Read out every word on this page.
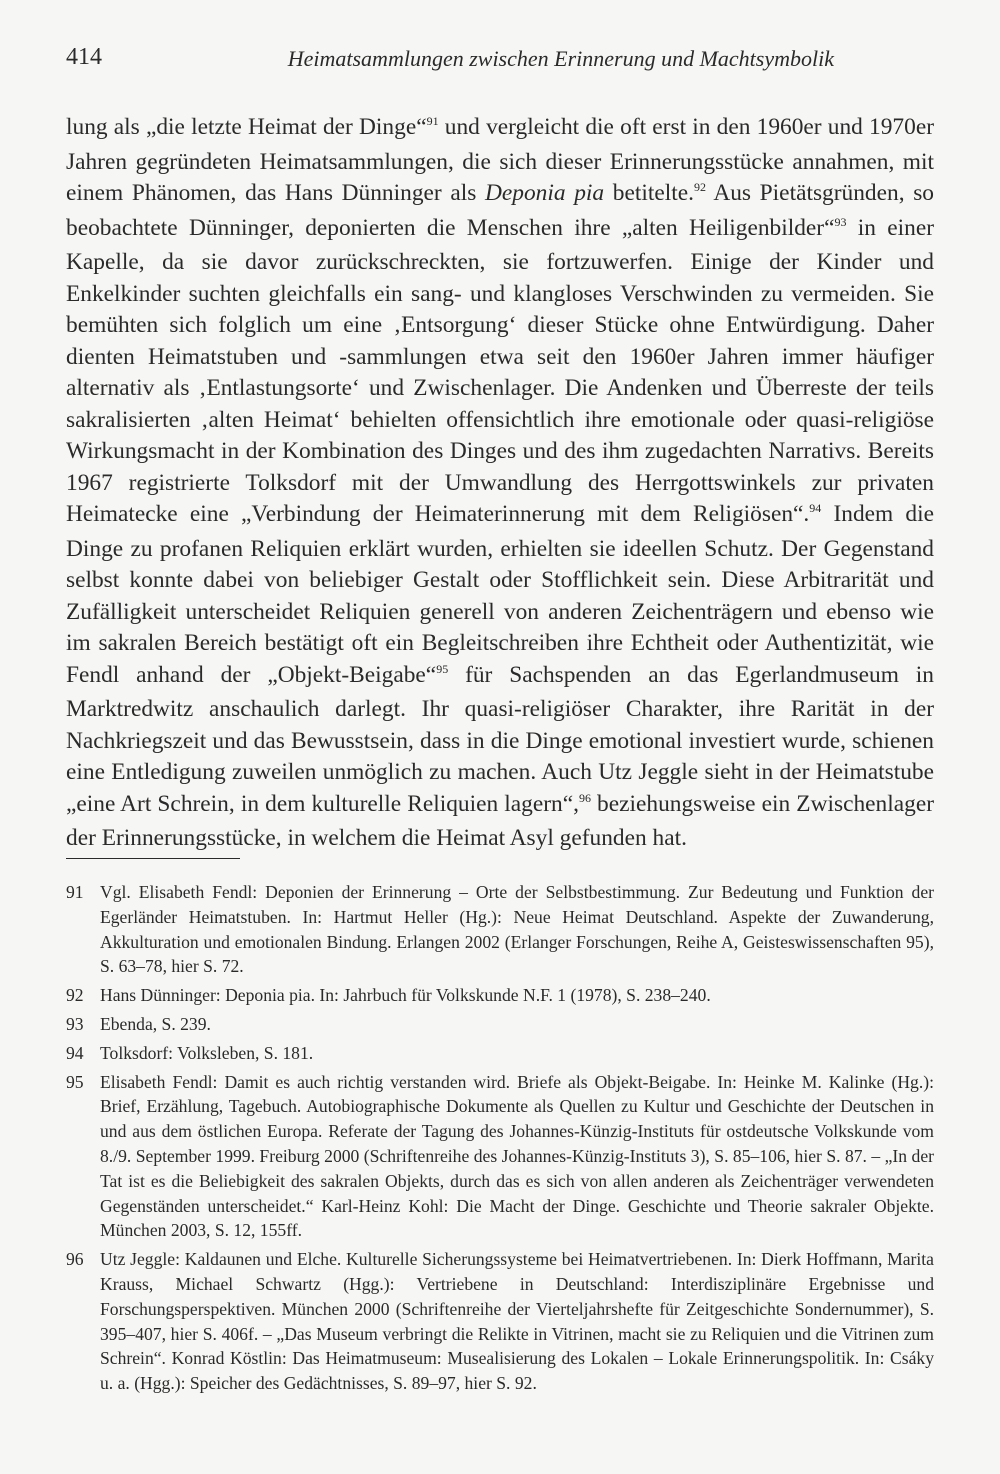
414	Heimatsammlungen zwischen Erinnerung und Machtsymbolik

lung als „die letzte Heimat der Dinge“$^{91}$ und vergleicht die oft erst in den 1960er und 1970er Jahren gegründeten Heimatsammlungen, die sich dieser Erinnerungsstücke annahmen, mit einem Phänomen, das Hans Dünninger als Deponia pia betitelte.$^{92}$ Aus Pietätsgründen, so beobachtete Dünninger, deponierten die Menschen ihre „alten Heiligenbilder“$^{93}$ in einer Kapelle, da sie davor zurückschreckten, sie fortzuwerfen. Einige der Kinder und Enkelkinder suchten gleichfalls ein sang- und klangloses Verschwinden zu vermeiden. Sie bemühten sich folglich um eine ‚Entsorgung‘ dieser Stücke ohne Entwürdigung. Daher dienten Heimatstuben und -sammlungen etwa seit den 1960er Jahren immer häufiger alternativ als ‚Entlastungsorte‘ und Zwischenlager. Die Andenken und Überreste der teils sakralisierten ‚alten Heimat‘ behielten offensichtlich ihre emotionale oder quasi-religiöse Wirkungsmacht in der Kombination des Dinges und des ihm zugedachten Narrativs. Bereits 1967 registrierte Tolksdorf mit der Umwandlung des Herrgottswinkels zur privaten Heimatecke eine „Verbindung der Heimaterinnerung mit dem Religiösen“.$^{94}$ Indem die Dinge zu profanen Reliquien erklärt wurden, erhielten sie ideellen Schutz. Der Gegenstand selbst konnte dabei von beliebiger Gestalt oder Stofflichkeit sein. Diese Arbitrarität und Zufälligkeit unterscheidet Reliquien generell von anderen Zeichenträgern und ebenso wie im sakralen Bereich bestätigt oft ein Begleitschreiben ihre Echtheit oder Authentizität, wie Fendl anhand der „Objekt-Beigabe“$^{95}$ für Sachspenden an das Egerlandmuseum in Marktredwitz anschaulich darlegt. Ihr quasi-religiöser Charakter, ihre Rarität in der Nachkriegszeit und das Bewusstsein, dass in die Dinge emotional investiert wurde, schienen eine Entledigung zuweilen unmöglich zu machen. Auch Utz Jeggle sieht in der Heimatstube „eine Art Schrein, in dem kulturelle Reliquien lagern“,$^{96}$ beziehungsweise ein Zwischenlager der Erinnerungsstücke, in welchem die Heimat Asyl gefunden hat.

91 Vgl. Elisabeth Fendl: Deponien der Erinnerung – Orte der Selbstbestimmung. Zur Bedeutung und Funktion der Egerländer Heimatstuben. In: Hartmut Heller (Hg.): Neue Heimat Deutschland. Aspekte der Zuwanderung, Akkulturation und emotionalen Bindung. Erlangen 2002 (Erlanger Forschungen, Reihe A, Geisteswissenschaften 95), S. 63–78, hier S. 72.
92 Hans Dünninger: Deponia pia. In: Jahrbuch für Volkskunde N.F. 1 (1978), S. 238–240.
93 Ebenda, S. 239.
94 Tolksdorf: Volksleben, S. 181.
95 Elisabeth Fendl: Damit es auch richtig verstanden wird. Briefe als Objekt-Beigabe. In: Heinke M. Kalinke (Hg.): Brief, Erzählung, Tagebuch. Autobiographische Dokumente als Quellen zu Kultur und Geschichte der Deutschen in und aus dem östlichen Europa. Referate der Tagung des Johannes-Künzig-Instituts für ostdeutsche Volkskunde vom 8./9. September 1999. Freiburg 2000 (Schriftenreihe des Johannes-Künzig-Instituts 3), S. 85–106, hier S. 87. – „In der Tat ist es die Beliebigkeit des sakralen Objekts, durch das es sich von allen anderen als Zeichenträger verwendeten Gegenständen unterscheidet.“ Karl-Heinz Kohl: Die Macht der Dinge. Geschichte und Theorie sakraler Objekte. München 2003, S. 12, 155ff.
96 Utz Jeggle: Kaldaunen und Elche. Kulturelle Sicherungssysteme bei Heimatvertriebenen. In: Dierk Hoffmann, Marita Krauss, Michael Schwartz (Hgg.): Vertriebene in Deutschland: Interdisziplinäre Ergebnisse und Forschungsperspektiven. München 2000 (Schriftenreihe der Vierteljahrshefte für Zeitgeschichte Sondernummer), S. 395–407, hier S. 406f. – „Das Museum verbringt die Relikte in Vitrinen, macht sie zu Reliquien und die Vitrinen zum Schrein“. Konrad Köstlin: Das Heimatmuseum: Musealisierung des Lokalen – Lokale Erinnerungspolitik. In: Csáky u. a. (Hgg.): Speicher des Gedächtnisses, S. 89–97, hier S. 92.
